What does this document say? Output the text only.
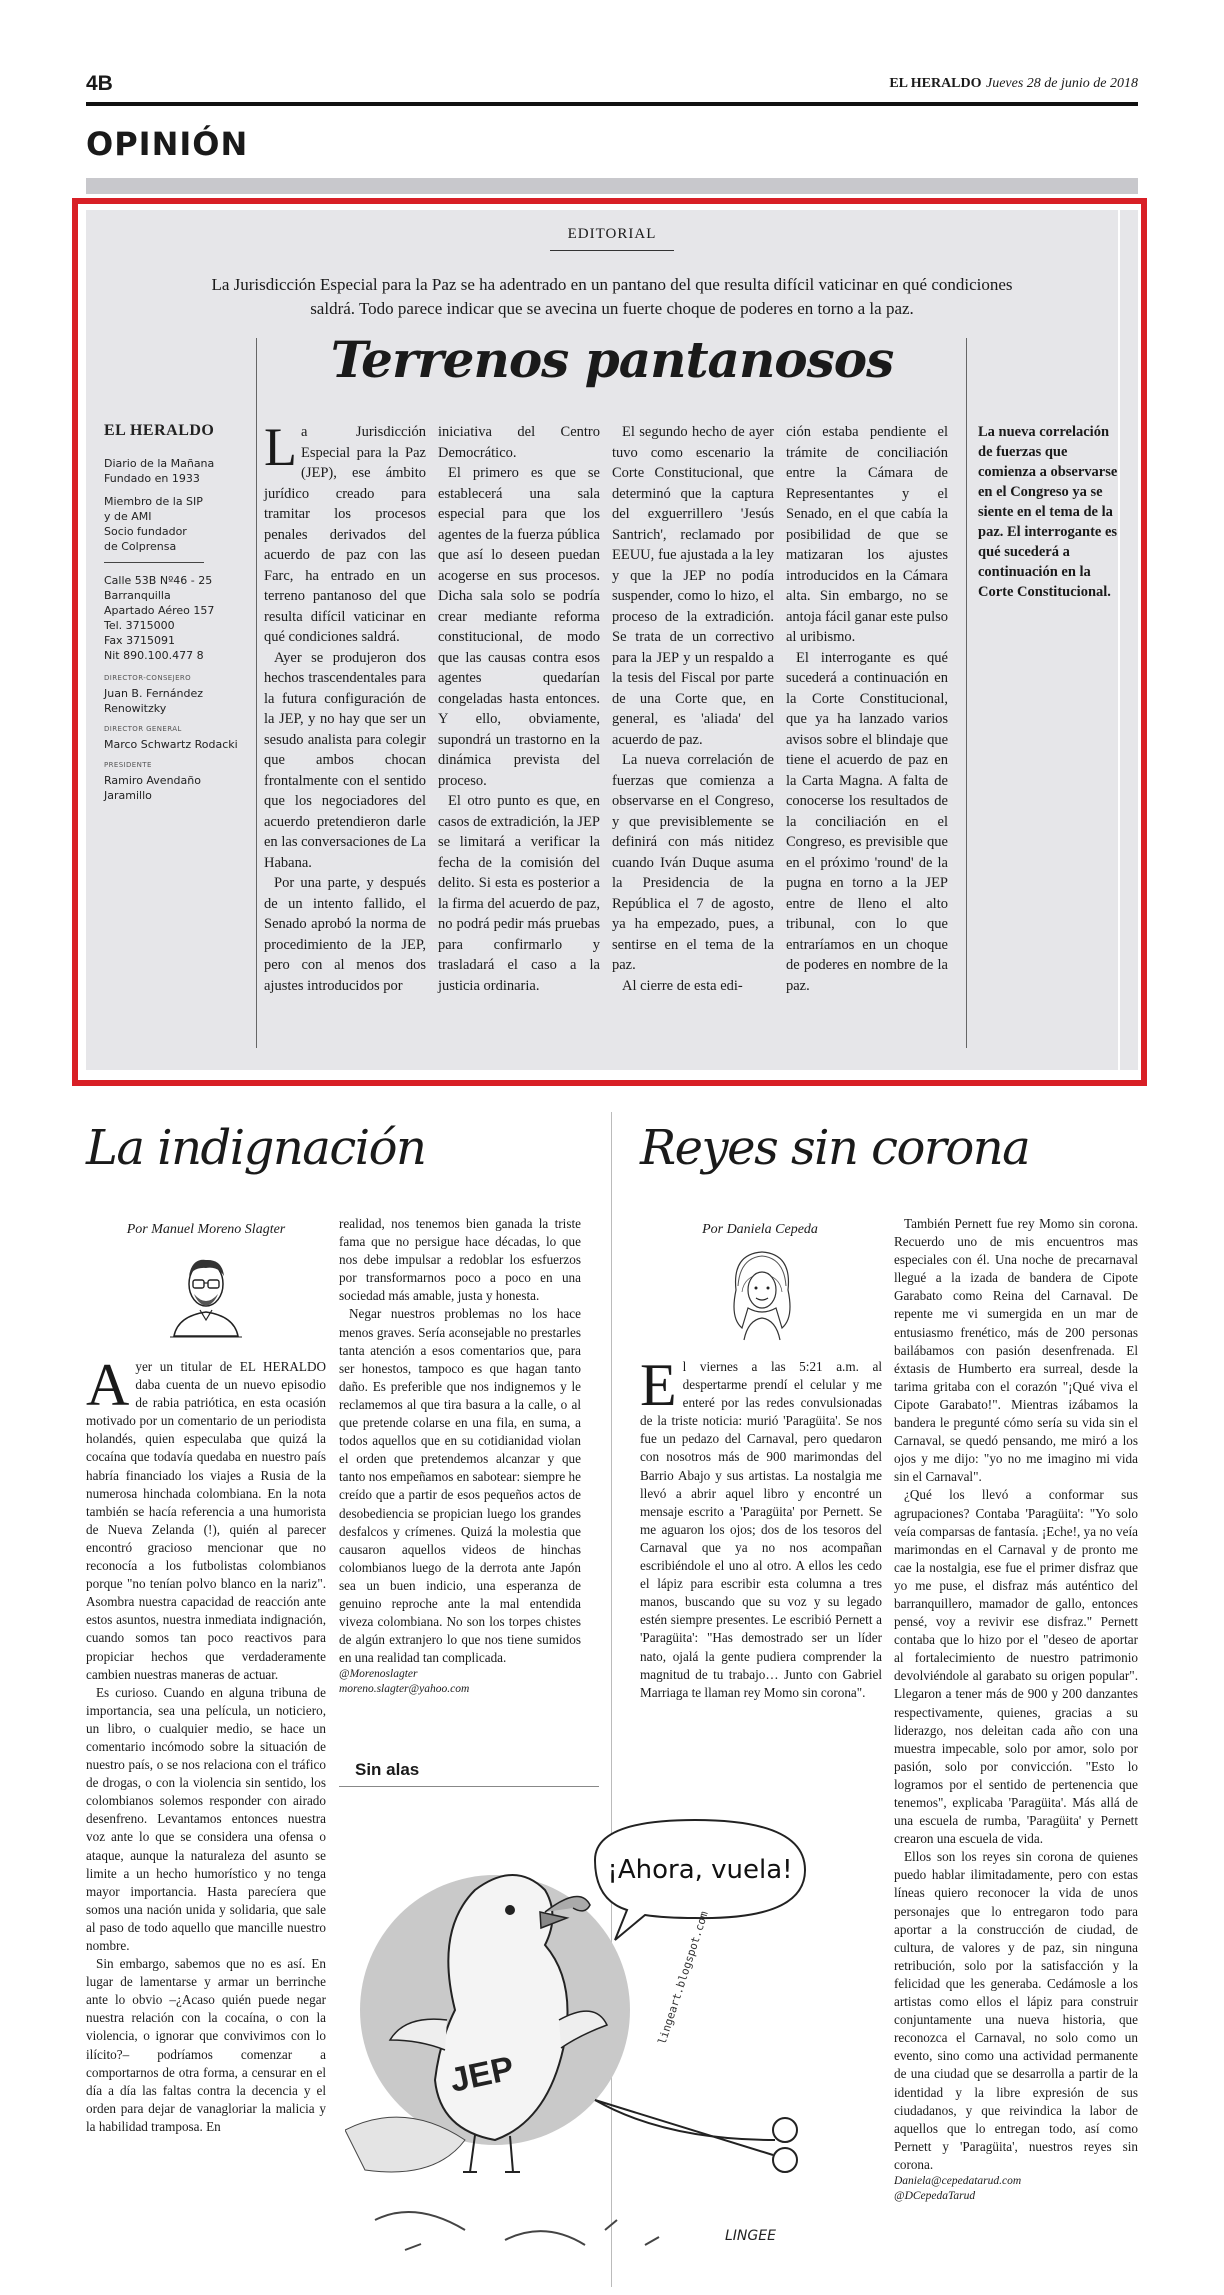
4B	EL HERALDO Jueves 28 de junio de 2018
OPINIÓN
EDITORIAL
La Jurisdicción Especial para la Paz se ha adentrado en un pantano del que resulta difícil vaticinar en qué condiciones saldrá. Todo parece indicar que se avecina un fuerte choque de poderes en torno a la paz.
Terrenos pantanosos
EL HERALDO

Diario de la Mañana
Fundado en 1933

Miembro de la SIP
y de AMI
Socio fundador
de Colprensa

Calle 53B Nº46 - 25
Barranquilla
Apartado Aéreo 157
Tel. 3715000
Fax 3715091
Nit 890.100.477 8

DIRECTOR-CONSEJERO
Juan B. Fernández Renowitzky
DIRECTOR GENERAL
Marco Schwartz Rodacki
PRESIDENTE
Ramiro Avendaño Jaramillo

La Jurisdicción Especial para la Paz (JEP), ese ámbito jurídico creado para tramitar los procesos penales derivados del acuerdo de paz con las Farc, ha entrado en un terreno pantanoso del que resulta difícil vaticinar en qué condiciones saldrá.

Ayer se produjeron dos hechos trascendentales para la futura configuración de la JEP, y no hay que ser un sesudo analista para colegir que ambos chocan frontalmente con el sentido que los negociadores del acuerdo pretendieron darle en las conversaciones de La Habana.

Por una parte, y después de un intento fallido, el Senado aprobó la norma de procedimiento de la JEP, pero con al menos dos ajustes introducidos por

iniciativa del Centro Democrático.

El primero es que se establecerá una sala especial para que los agentes de la fuerza pública que así lo deseen puedan acogerse en sus procesos. Dicha sala solo se podría crear mediante reforma constitucional, de modo que las causas contra esos agentes quedarían congeladas hasta entonces. Y ello, obviamente, supondrá un trastorno en la dinámica prevista del proceso.

El otro punto es que, en casos de extradición, la JEP se limitará a verificar la fecha de la comisión del delito. Si esta es posterior a la firma del acuerdo de paz, no podrá pedir más pruebas para confirmarlo y trasladará el caso a la justicia ordinaria.

El segundo hecho de ayer tuvo como escenario la Corte Constitucional, que determinó que la captura del exguerrillero 'Jesús Santrich', reclamado por EEUU, fue ajustada a la ley y que la JEP no podía suspender, como lo hizo, el proceso de la extradición. Se trata de un correctivo para la JEP y un respaldo a la tesis del Fiscal por parte de una Corte que, en general, es 'aliada' del acuerdo de paz.

La nueva correlación de fuerzas que comienza a observarse en el Congreso, y que previsiblemente se definirá con más nitidez cuando Iván Duque asuma la Presidencia de la República el 7 de agosto, ya ha empezado, pues, a sentirse en el tema de la paz.

Al cierre de esta edi-

ción estaba pendiente el trámite de conciliación entre la Cámara de Representantes y el Senado, en el que cabía la posibilidad de que se matizaran los ajustes introducidos en la Cámara alta. Sin embargo, no se antoja fácil ganar este pulso al uribismo.

El interrogante es qué sucederá a continuación en la Corte Constitucional, que ya ha lanzado varios avisos sobre el blindaje que tiene el acuerdo de paz en la Carta Magna. A falta de conocerse los resultados de la conciliación en el Congreso, es previsible que en el próximo 'round' de la pugna en torno a la JEP entre de lleno el alto tribunal, con lo que entraríamos en un choque de poderes en nombre de la paz.

La nueva correlación de fuerzas que comienza a observarse en el Congreso ya se siente en el tema de la paz. El interrogante es qué sucederá a continuación en la Corte Constitucional.
La indignación
Por Manuel Moreno Slagter

Ayer un titular de EL HERALDO daba cuenta de un nuevo episodio de rabia patriótica, en esta ocasión motivado por un comentario de un periodista holandés, quien especulaba que quizá la cocaína que todavía quedaba en nuestro país habría financiado los viajes a Rusia de la numerosa hinchada colombiana. En la nota también se hacía referencia a una humorista de Nueva Zelanda (!), quién al parecer encontró gracioso mencionar que no reconocía a los futbolistas colombianos porque "no tenían polvo blanco en la nariz". Asombra nuestra capacidad de reacción ante estos asuntos, nuestra inmediata indignación, cuando somos tan poco reactivos para propiciar hechos que verdaderamente cambien nuestras maneras de actuar.

Es curioso. Cuando en alguna tribuna de importancia, sea una película, un noticiero, un libro, o cualquier medio, se hace un comentario incómodo sobre la situación de nuestro país, o se nos relaciona con el tráfico de drogas, o con la violencia sin sentido, los colombianos solemos responder con airado desenfreno. Levantamos entonces nuestra voz ante lo que se considera una ofensa o ataque, aunque la naturaleza del asunto se limite a un hecho humorístico y no tenga mayor importancia. Hasta parecíera que somos una nación unida y solidaria, que sale al paso de todo aquello que mancille nuestro nombre.

Sin embargo, sabemos que no es así. En lugar de lamentarse y armar un berrinche ante lo obvio –¿Acaso quién puede negar nuestra relación con la cocaína, o con la violencia, o ignorar que convivimos con lo ilícito?– podríamos comenzar a comportarnos de otra forma, a censurar en el día a día las faltas contra la decencia y el orden para dejar de vanagloriar la malicia y la habilidad tramposa. En

realidad, nos tenemos bien ganada la triste fama que no persigue hace décadas, lo que nos debe impulsar a redoblar los esfuerzos por transformarnos poco a poco en una sociedad más amable, justa y honesta.

Negar nuestros problemas no los hace menos graves. Sería aconsejable no prestarles tanta atención a esos comentarios que, para ser honestos, tampoco es que hagan tanto daño. Es preferible que nos indignemos y le reclamemos al que tira basura a la calle, o al que pretende colarse en una fila, en suma, a todos aquellos que en su cotidianidad violan el orden que pretendemos alcanzar y que tanto nos empeñamos en sabotear: siempre he creído que a partir de esos pequeños actos de desobediencia se propician luego los grandes desfalcos y crímenes. Quizá la molestia que causaron aquellos videos de hinchas colombianos luego de la derrota ante Japón sea un buen indicio, una esperanza de genuino reproche ante la mal entendida viveza colombiana. No son los torpes chistes de algún extranjero lo que nos tiene sumidos en una realidad tan complicada.

@Morenoslagter

moreno.slagter@yahoo.com

Sin alas
JEP
¡Ahora, vuela!
lingeart.blogspot.com
LINGEE
Reyes sin corona
Por Daniela Cepeda

El viernes a las 5:21 a.m. al despertarme prendí el celular y me enteré por las redes convulsionadas de la triste noticia: murió 'Paragüita'. Se nos fue un pedazo del Carnaval, pero quedaron con nosotros más de 900 marimondas del Barrio Abajo y sus artistas. La nostalgia me llevó a abrir aquel libro y encontré un mensaje escrito a 'Paragüita' por Pernett. Se me aguaron los ojos; dos de los tesoros del Carnaval que ya no nos acompañan escribiéndole el uno al otro. A ellos les cedo el lápiz para escribir esta columna a tres manos, buscando que su voz y su legado estén siempre presentes. Le escribió Pernett a 'Paragüita': "Has demostrado ser un líder nato, ojalá la gente pudiera comprender la magnitud de tu trabajo… Junto con Gabriel Marriaga te llaman rey Momo sin corona".

También Pernett fue rey Momo sin corona. Recuerdo uno de mis encuentros mas especiales con él. Una noche de precarnaval llegué a la izada de bandera de Cipote Garabato como Reina del Carnaval. De repente me vi sumergida en un mar de entusiasmo frenético, más de 200 personas bailábamos con pasión desenfrenada. El éxtasis de Humberto era surreal, desde la tarima gritaba con el corazón "¡Qué viva el Cipote Garabato!". Mientras izábamos la bandera le pregunté cómo sería su vida sin el Carnaval, se quedó pensando, me miró a los ojos y me dijo: "yo no me imagino mi vida sin el Carnaval".

¿Qué los llevó a conformar sus agrupaciones? Contaba 'Paragüita': "Yo solo veía comparsas de fantasía. ¡Eche!, ya no veía marimondas en el Carnaval y de pronto me cae la nostalgia, ese fue el primer disfraz que yo me puse, el disfraz más auténtico del barranquillero, mamador de gallo, entonces pensé, voy a revivir ese disfraz." Pernett contaba que lo hizo por el "deseo de aportar al fortalecimiento de nuestro patrimonio devolviéndole al garabato su origen popular". Llegaron a tener más de 900 y 200 danzantes respectivamente, quienes, gracias a su liderazgo, nos deleitan cada año con una muestra impecable, solo por amor, solo por pasión, solo por convicción. "Esto lo logramos por el sentido de pertenencia que tenemos", explicaba 'Paragüita'. Más allá de una escuela de rumba, 'Paragüita' y Pernett crearon una escuela de vida.

Ellos son los reyes sin corona de quienes puedo hablar ilimitadamente, pero con estas líneas quiero reconocer la vida de unos personajes que lo entregaron todo para aportar a la construcción de ciudad, de cultura, de valores y de paz, sin ninguna retribución, solo por la satisfacción y la felicidad que les generaba. Cedámosle a los artistas como ellos el lápiz para construir conjuntamente una nueva historia, que reconozca el Carnaval, no solo como un evento, sino como una actividad permanente de una ciudad que se desarrolla a partir de la identidad y la libre expresión de sus ciudadanos, y que reivindica la labor de aquellos que lo entregan todo, así como Pernett y 'Paragüita', nuestros reyes sin corona.

Daniela@cepedatarud.com

@DCepedaTarud
